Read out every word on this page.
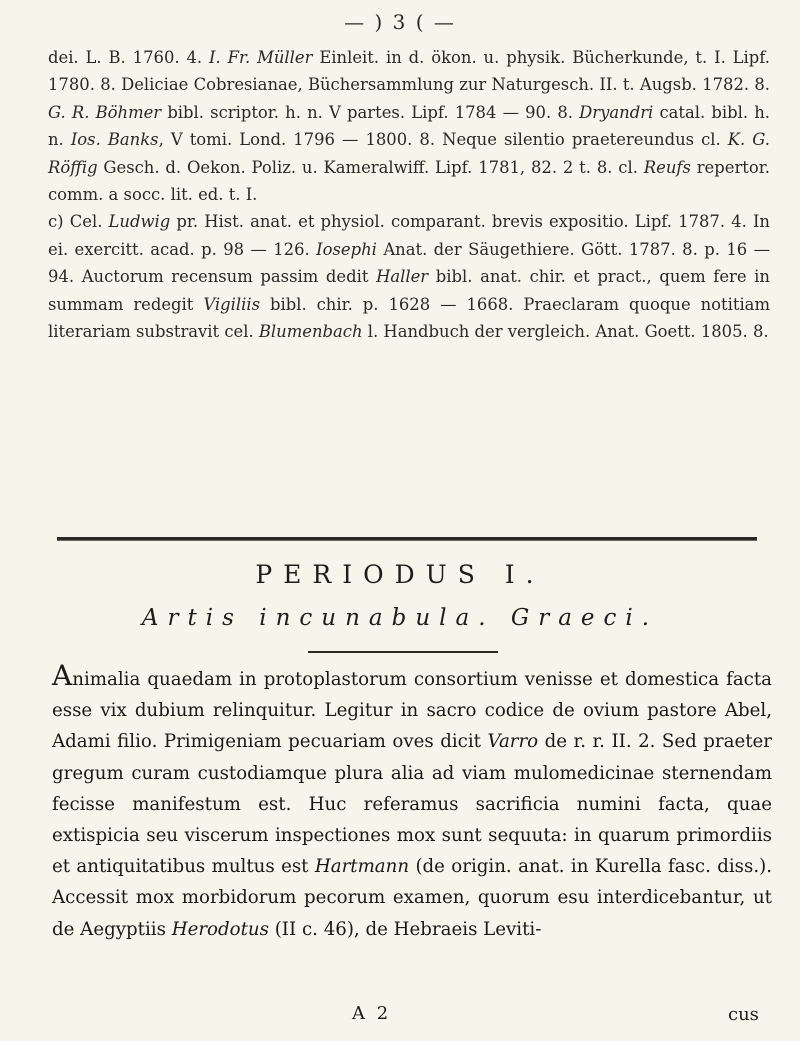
— ) 3 ( —

dei. L. B. 1760. 4. I. Fr. Müller Einleit. in d. ökon. u. physik. Bücherkunde, t. I. Lipf. 1780. 8. Deliciae Cobresianae, Büchersammlung zur Naturgesch. II. t. Augsb. 1782. 8. G. R. Böhmer bibl. scriptor. h. n. V partes. Lipf. 1784 — 90. 8. Dryandri catal. bibl. h. n. Ios. Banks, V tomi. Lond. 1796 — 1800. 8. Neque silentio praetereundus cl. K. G. Röffig Gesch. d. Oekon. Poliz. u. Kameralwiff. Lipf. 1781, 82. 2 t. 8. cl. Reufs repertor. comm. a socc. lit. ed. t. I.

c) Cel. Ludwig pr. Hist. anat. et physiol. comparant. brevis expositio. Lipf. 1787. 4. In ei. exercitt. acad. p. 98 — 126. Iosephi Anat. der Säugethiere. Gött. 1787. 8. p. 16 — 94. Auctorum recensum passim dedit Haller bibl. anat. chir. et pract., quem fere in summam redegit Vigiliis bibl. chir. p. 1628 — 1668. Praeclaram quoque notitiam literariam substravit cel. Blumenbach l. Handbuch der vergleich. Anat. Goett. 1805. 8.

PERIODUS I.
Artis incunabula. Graeci.

Animalia quaedam in protoplastorum consortium venisse et domestica facta esse vix dubium relinquitur. Legitur in sacro codice de ovium pastore Abel, Adami filio. Primigeniam pecuariam oves dicit Varro de r. r. II. 2. Sed praeter gregum curam custodiamque plura alia ad viam mulomedicinae sternendam fecisse manifestum est. Huc referamus sacrificia numini facta, quae extispicia seu viscerum inspectiones mox sunt sequuta: in quarum primordiis et antiquitatibus multus est Hartmann (de origin. anat. in Kurella fasc. diss.). Accessit mox morbidorum pecorum examen, quorum esu interdicebantur, ut de Aegyptiis Herodotus (II c. 46), de Hebraeis Leviti-

A 2	cus
